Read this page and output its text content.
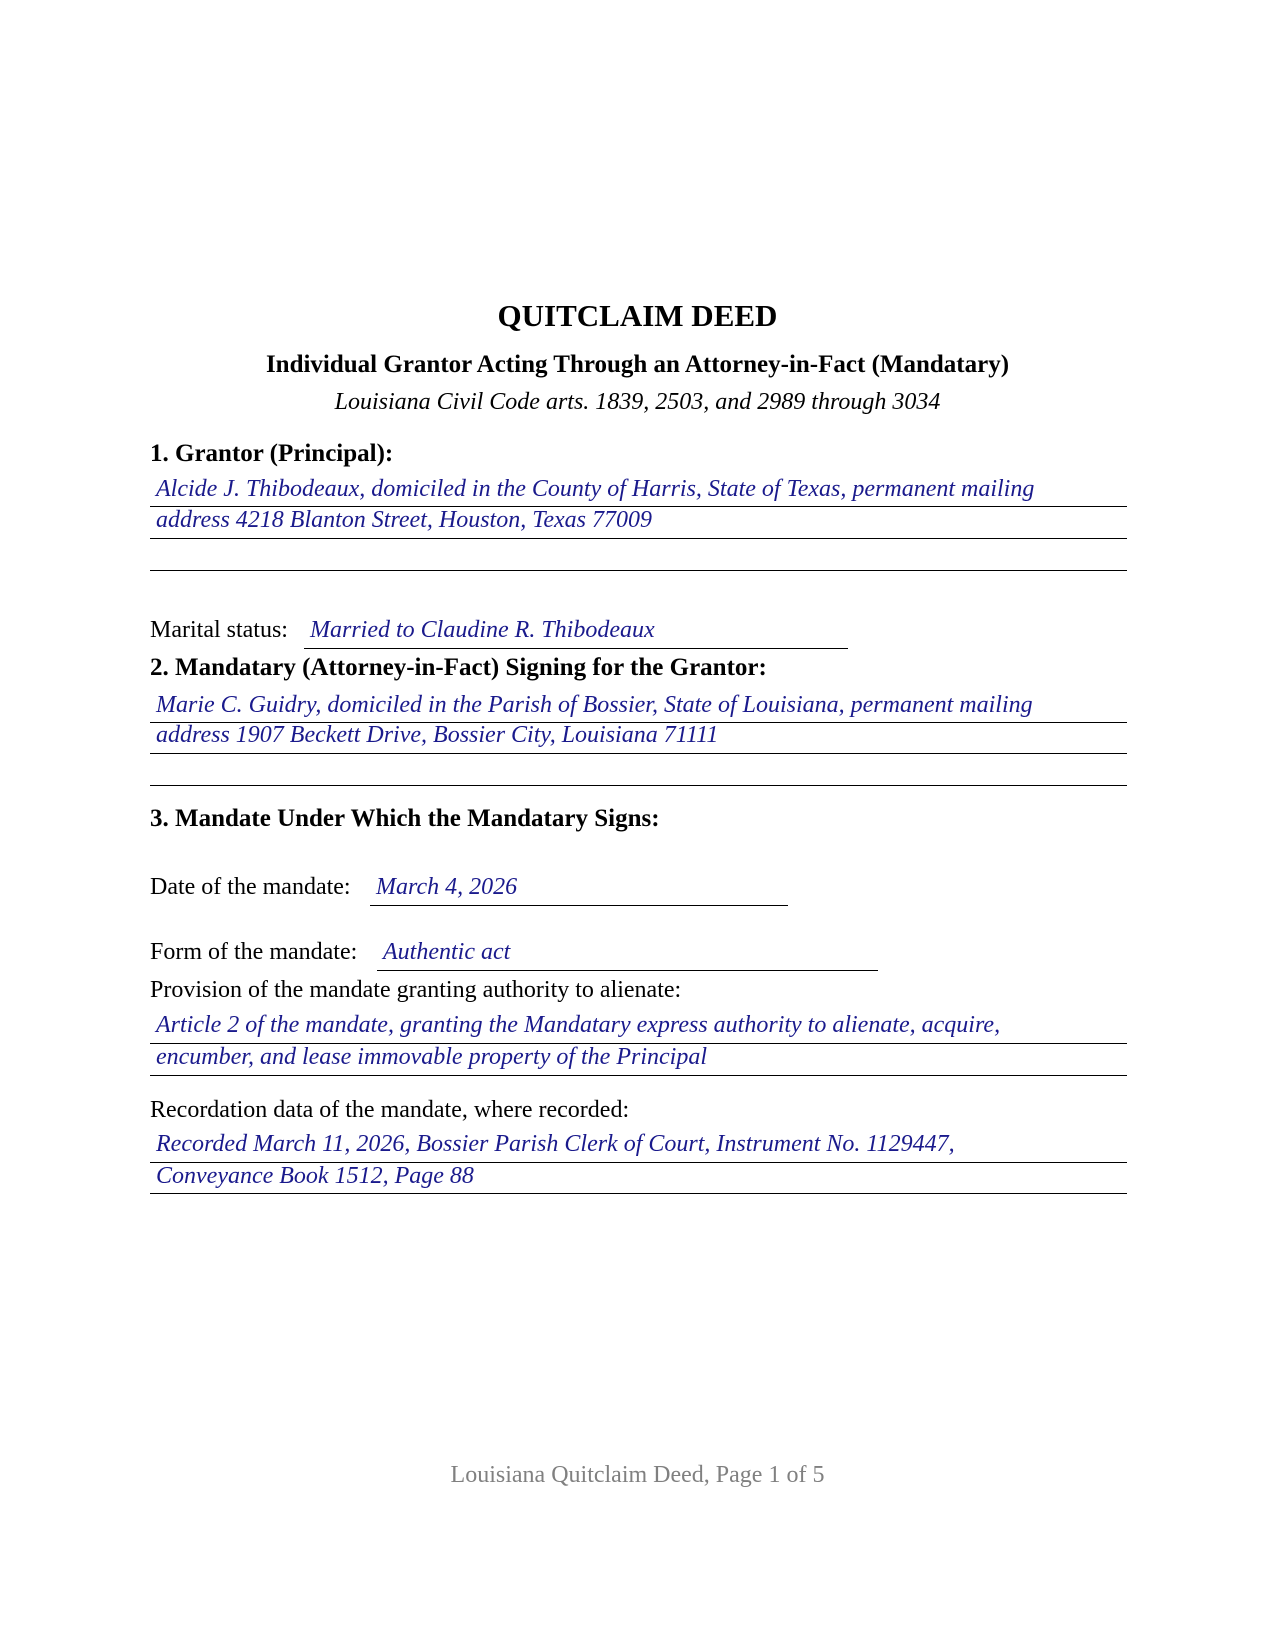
QUITCLAIM DEED
Individual Grantor Acting Through an Attorney-in-Fact (Mandatary)
Louisiana Civil Code arts. 1839, 2503, and 2989 through 3034
1. Grantor (Principal):
Alcide J. Thibodeaux, domiciled in the County of Harris, State of Texas, permanent mailing
address 4218 Blanton Street, Houston, Texas 77009
Marital status: Married to Claudine R. Thibodeaux
2. Mandatary (Attorney-in-Fact) Signing for the Grantor:
Marie C. Guidry, domiciled in the Parish of Bossier, State of Louisiana, permanent mailing
address 1907 Beckett Drive, Bossier City, Louisiana 71111
3. Mandate Under Which the Mandatary Signs:
Date of the mandate: March 4, 2026
Form of the mandate: Authentic act
Provision of the mandate granting authority to alienate:
Article 2 of the mandate, granting the Mandatary express authority to alienate, acquire,
encumber, and lease immovable property of the Principal
Recordation data of the mandate, where recorded:
Recorded March 11, 2026, Bossier Parish Clerk of Court, Instrument No. 1129447,
Conveyance Book 1512, Page 88
Louisiana Quitclaim Deed, Page 1 of 5
